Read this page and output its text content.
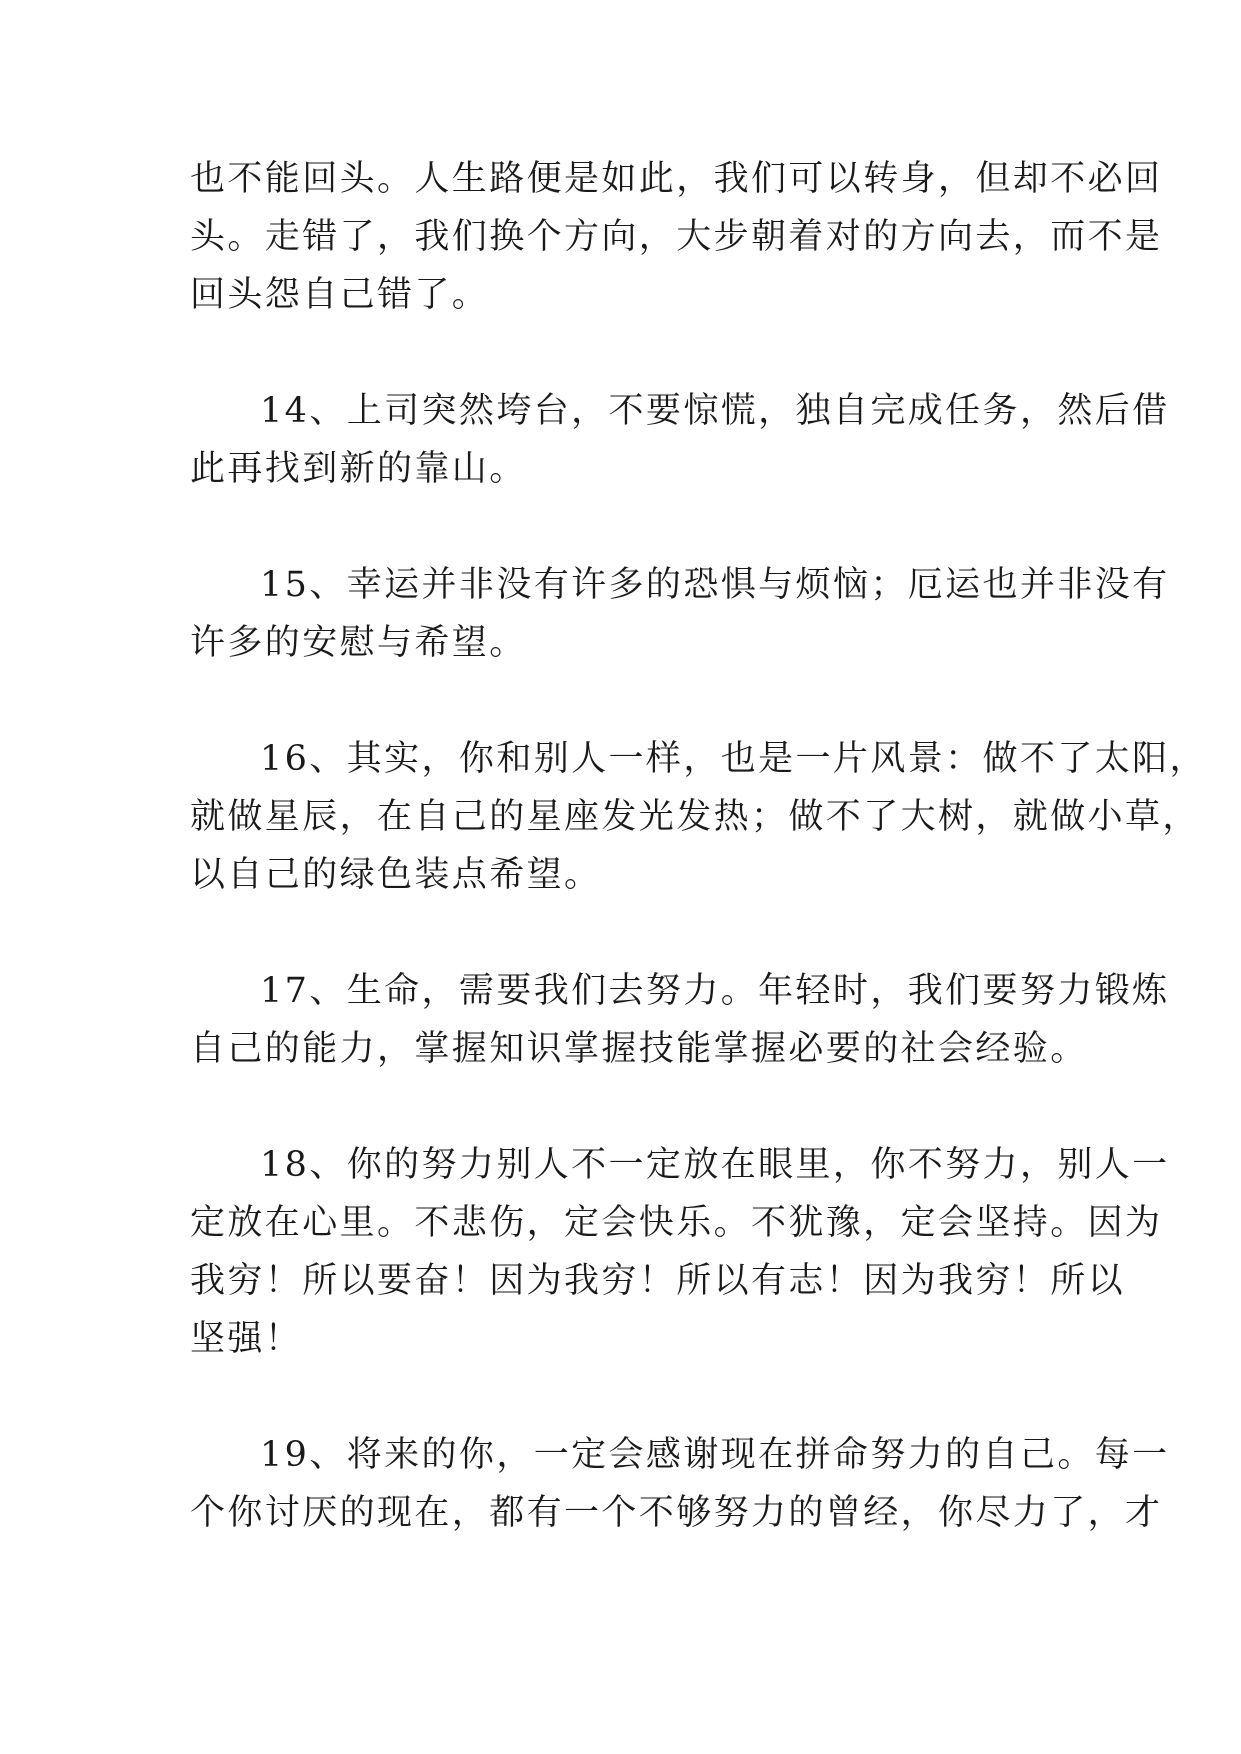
也不能回头。人生路便是如此，我们可以转身，但却不必回
头。走错了，我们换个方向，大步朝着对的方向去，而不是
回头怨自己错了。
14、上司突然垮台，不要惊慌，独自完成任务，然后借
此再找到新的靠山。
15、幸运并非没有许多的恐惧与烦恼；厄运也并非没有
许多的安慰与希望。
16、其实，你和别人一样，也是一片风景：做不了太阳，
就做星辰，在自己的星座发光发热；做不了大树，就做小草，
以自己的绿色装点希望。
17、生命，需要我们去努力。年轻时，我们要努力锻炼
自己的能力，掌握知识掌握技能掌握必要的社会经验。
18、你的努力别人不一定放在眼里，你不努力，别人一
定放在心里。不悲伤，定会快乐。不犹豫，定会坚持。因为
我穷！所以要奋！因为我穷！所以有志！因为我穷！所以
坚强！
19、将来的你，一定会感谢现在拼命努力的自己。每一
个你讨厌的现在，都有一个不够努力的曾经，你尽力了，才
